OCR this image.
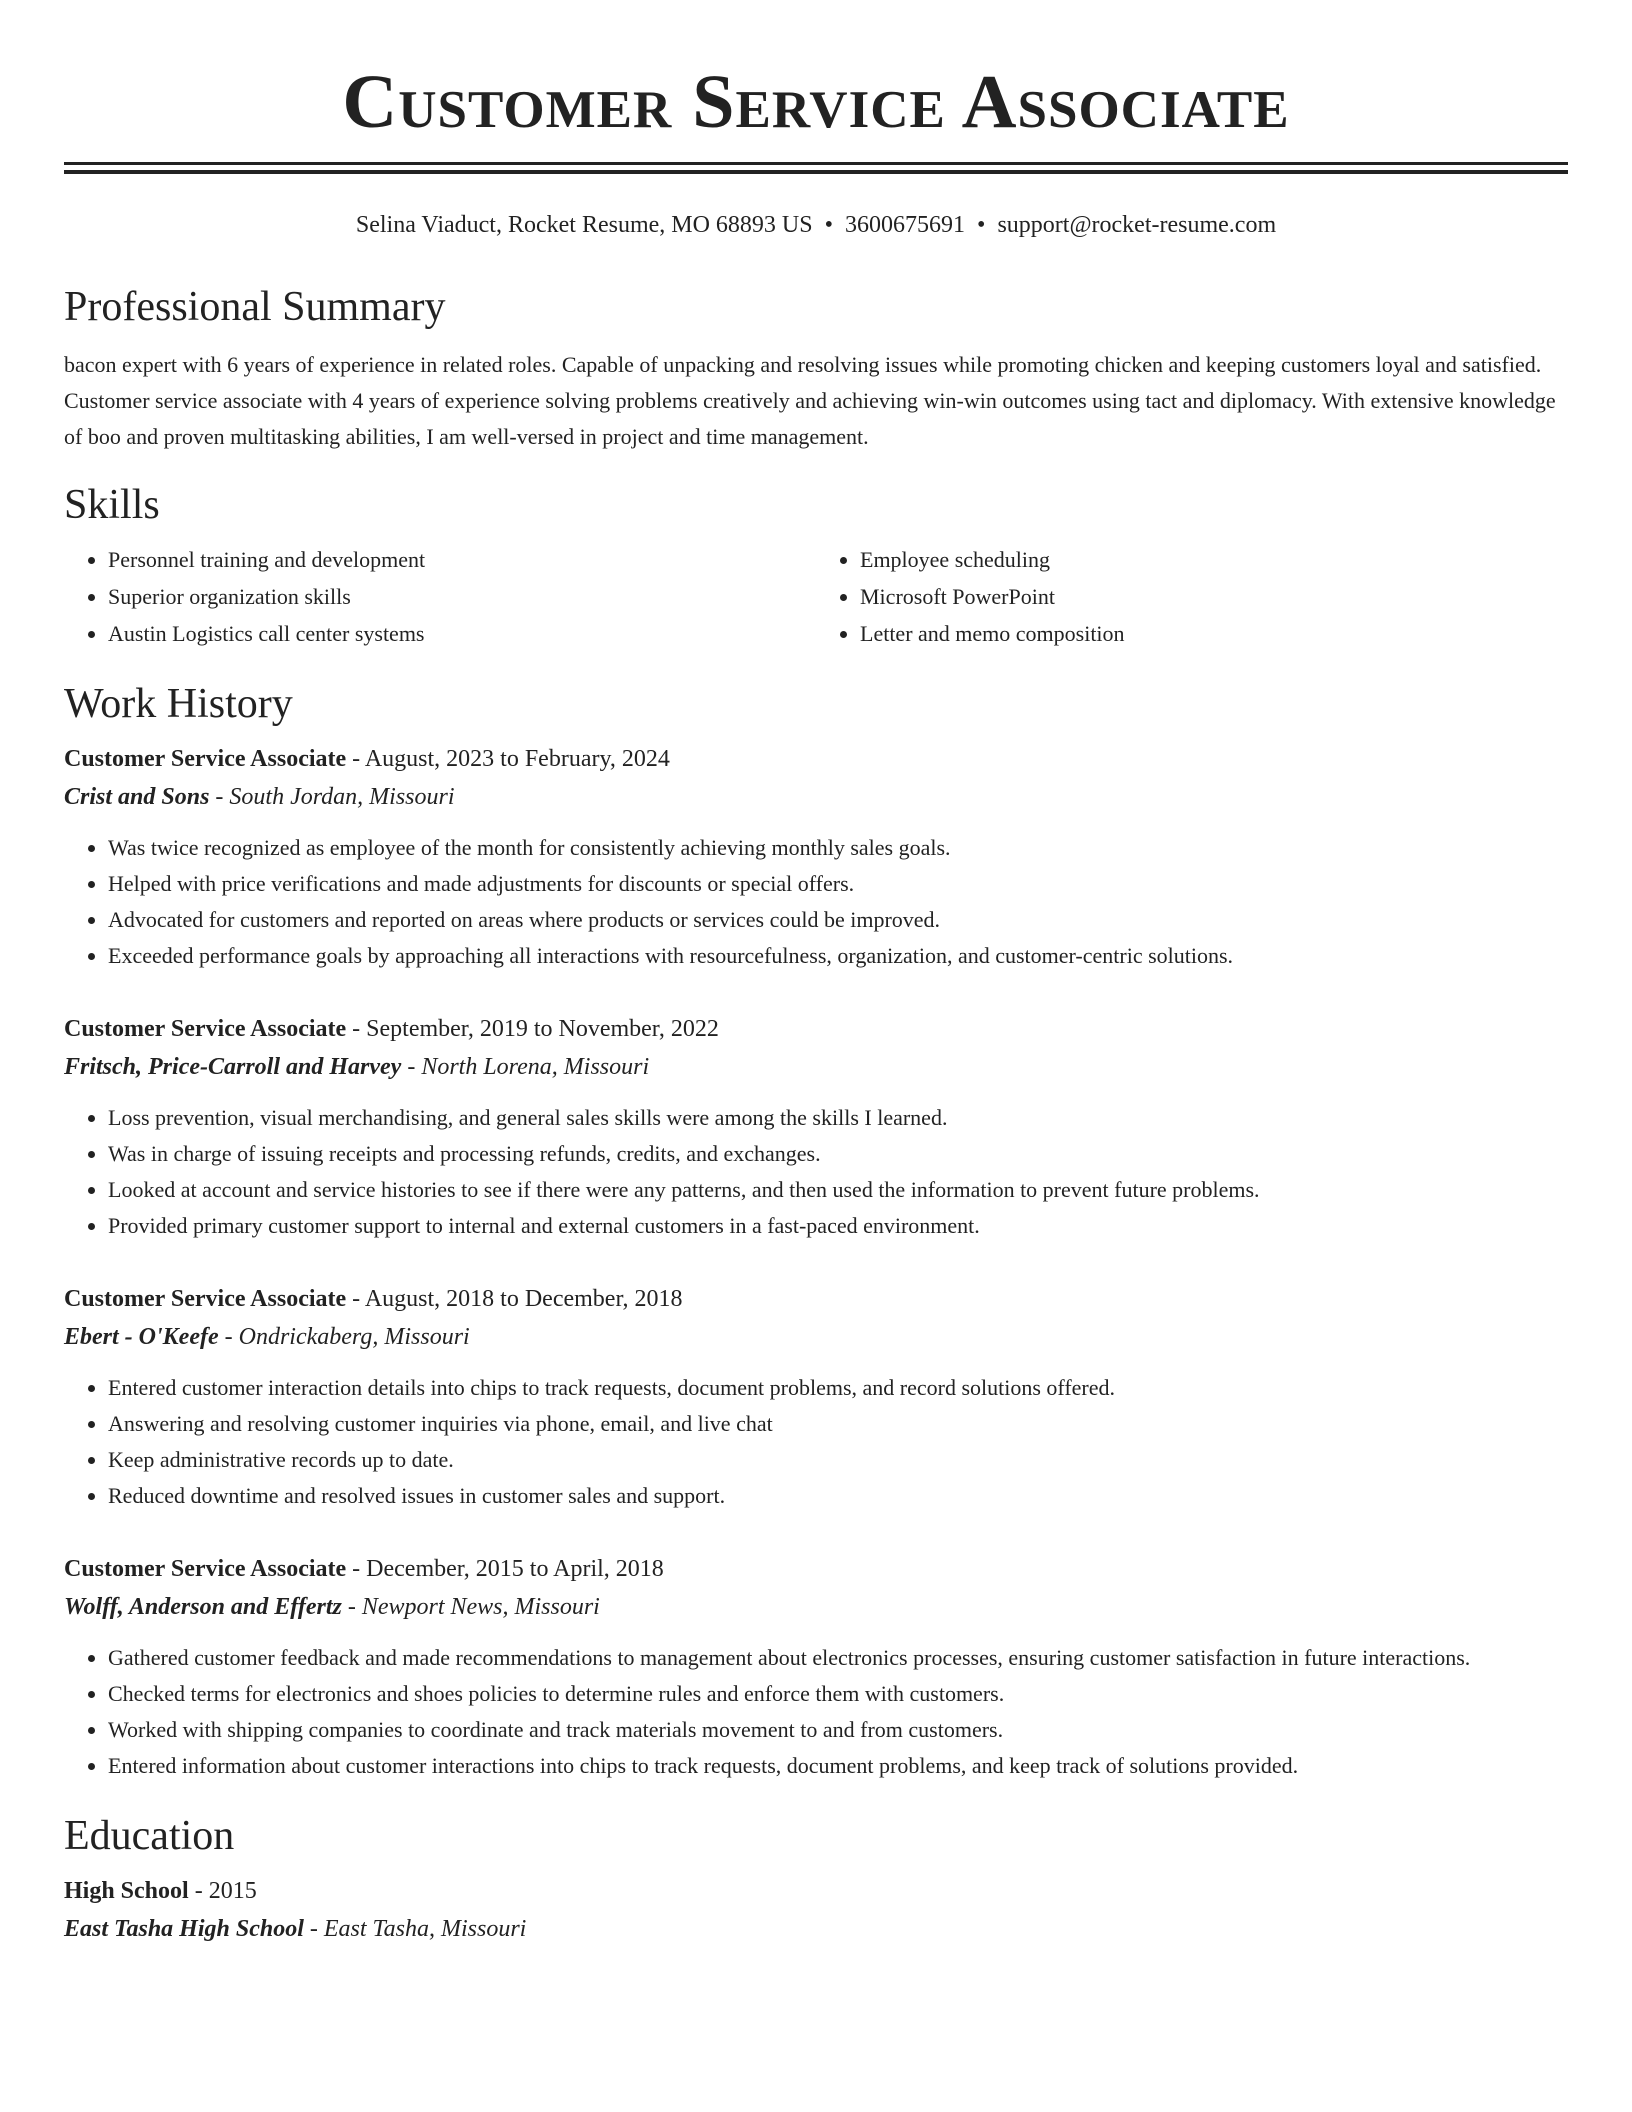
Customer Service Associate
Selina Viaduct, Rocket Resume, MO 68893 US • 3600675691 • support@rocket-resume.com
Professional Summary
bacon expert with 6 years of experience in related roles. Capable of unpacking and resolving issues while promoting chicken and keeping customers loyal and satisfied. Customer service associate with 4 years of experience solving problems creatively and achieving win-win outcomes using tact and diplomacy. With extensive knowledge of boo and proven multitasking abilities, I am well-versed in project and time management.
Skills
• Personnel training and development
• Superior organization skills
• Austin Logistics call center systems
• Employee scheduling
• Microsoft PowerPoint
• Letter and memo composition
Work History
Customer Service Associate - August, 2023 to February, 2024
Crist and Sons - South Jordan, Missouri
• Was twice recognized as employee of the month for consistently achieving monthly sales goals.
• Helped with price verifications and made adjustments for discounts or special offers.
• Advocated for customers and reported on areas where products or services could be improved.
• Exceeded performance goals by approaching all interactions with resourcefulness, organization, and customer-centric solutions.
Customer Service Associate - September, 2019 to November, 2022
Fritsch, Price-Carroll and Harvey - North Lorena, Missouri
• Loss prevention, visual merchandising, and general sales skills were among the skills I learned.
• Was in charge of issuing receipts and processing refunds, credits, and exchanges.
• Looked at account and service histories to see if there were any patterns, and then used the information to prevent future problems.
• Provided primary customer support to internal and external customers in a fast-paced environment.
Customer Service Associate - August, 2018 to December, 2018
Ebert - O'Keefe - Ondrickaberg, Missouri
• Entered customer interaction details into chips to track requests, document problems, and record solutions offered.
• Answering and resolving customer inquiries via phone, email, and live chat
• Keep administrative records up to date.
• Reduced downtime and resolved issues in customer sales and support.
Customer Service Associate - December, 2015 to April, 2018
Wolff, Anderson and Effertz - Newport News, Missouri
• Gathered customer feedback and made recommendations to management about electronics processes, ensuring customer satisfaction in future interactions.
• Checked terms for electronics and shoes policies to determine rules and enforce them with customers.
• Worked with shipping companies to coordinate and track materials movement to and from customers.
• Entered information about customer interactions into chips to track requests, document problems, and keep track of solutions provided.
Education
High School - 2015
East Tasha High School - East Tasha, Missouri
